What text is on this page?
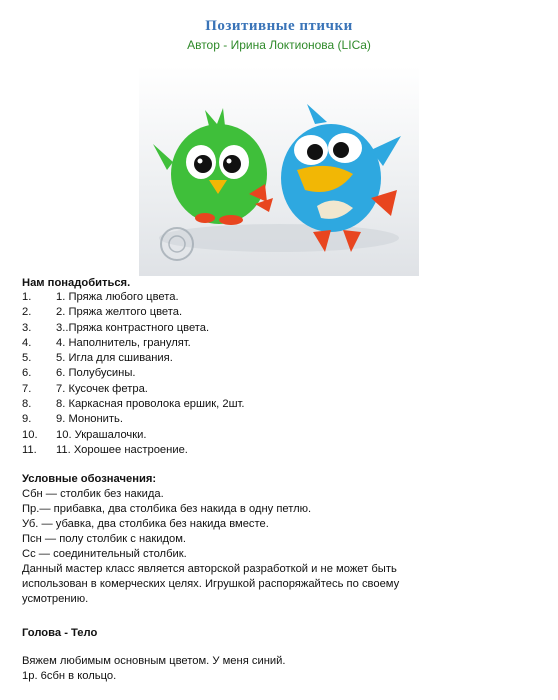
Позитивные птички
Автор - Ирина Локтионова (LICa)
Нам понадобиться.
1.	1. Пряжа любого цвета.
2.	2. Пряжа желтого цвета.
3.	3..Пряжа контрастного цвета.
4.	4. Наполнитель, гранулят.
5.	5. Игла для сшивания.
6.	6. Полубусины.
7.	7. Кусочек фетра.
8.	8. Каркасная проволока ершик, 2шт.
9.	9. Мононить.
10.	10. Украшалочки.
11.	11. Хорошее настроение.
Условные обозначения:
Сбн — столбик без накида.
Пр.— прибавка, два столбика без накида в одну петлю.
Уб. — убавка, два столбика без накида вместе.
Псн — полу столбик с накидом.
Сс — соединительный столбик.
Данный мастер класс является авторской разработкой и не может быть
использован в комерческих целях. Игрушкой распоряжайтесь по своему
усмотрению.
Голова - Тело
Вяжем любимым основным цветом. У меня синий.
1р. 6сбн в кольцо.
